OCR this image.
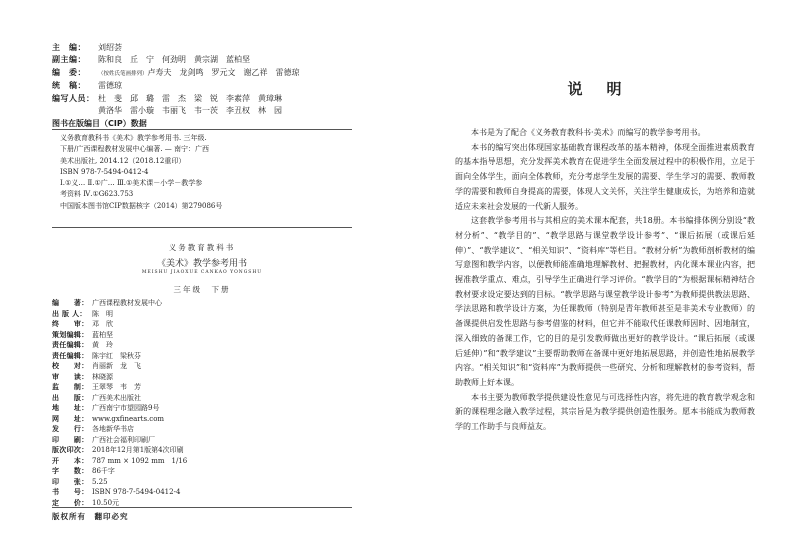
主　编 ：	刘绍荟
副主编 ：	陈和良　丘　宁　何劲明　黄宗湖　蓝柏坚
编　委 ：	（按姓氏笔画排列）卢寿夫　龙剑鸣　罗元文　谢乙祥　雷德琼
统　稿 ：	雷德琼
编写人员 ：	杜　斐　邱　璐　雷　杰　梁　锐　李素萍　黄璋琳
黄洛华　雷小璇　韦丽飞　韦一茨　李丑权　林　园
图书在版编目（CIP）数据
义务教育教科书《美术》教学参考用书. 三年级.
下册/广西课程教材发展中心编著. — 南宁：广西
美术出版社, 2014.12（2018.12重印）
ISBN 978-7-5494-0412-4
Ⅰ.①义… Ⅱ.①广… Ⅲ.①美术课－小学－教学参
考资料 Ⅳ.①G623.753
中国版本图书馆CIP数据核字（2014）第279086号
义务教育教科书
《美术》教学参考用书
MEISHU JIAOXUE CANKAO YONGSHU
三年级　下册
编　　著 ：	广西课程教材发展中心
出 版 人 ：	陈　明
终　　审 ：	邓　欣
策划编辑 ：	蓝柏坚
责任编辑 ：	黄　玲
责任编辑 ：	陈宇红　梁秋芬
校　　对 ：	肖丽新　龙　飞
审　　读 ：	林晓源
监　　制 ：	王翠琴　韦　芳
出　　版 ：	广西美术出版社
地　　址 ：	广西南宁市望园路9号
网　　址 ：	www.gxfinearts.com
发　　行 ：	各地新华书店
印　　刷 ：	广西社会福利印刷厂
版次印次 ：	2018年12月第1版第4次印刷
开　　本 ：	787 mm × 1092 mm　1/16
字　　数 ：	86千字
印　　张 ：	5.25
书　　号 ：	ISBN 978-7-5494-0412-4
定　　价 ：	10.50元
版权所有　翻印必究
说 明

本书是为了配合《义务教育教科书·美术》而编写的教学参考用书。

本书的编写突出体现国家基础教育课程改革的基本精神，体现全面推进素质教育的基本指导思想，充分发挥美术教育在促进学生全面发展过程中的积极作用，立足于面向全体学生，面向全体教师，充分考虑学生发展的需要、学生学习的需要、教师教学的需要和教师自身提高的需要，体现人文关怀，关注学生健康成长，为培养和造就适应未来社会发展的一代新人服务。

这套教学参考用书与其相应的美术课本配套，共18册。本书编排体例分别设“教材分析”、“教学目的”、“教学思路与课堂教学设计参考”、“课后拓展（或课后延伸）”、“教学建议”、“相关知识”、“资料库”等栏目。“教材分析”为教师剖析教材的编写意图和教学内容，以便教师能准确地理解教材、把握教材，内化课本课业内容，把握准教学重点、难点，引导学生正确进行学习评价。“教学目的”为根据课标精神结合教材要求设定要达到的目标。“教学思路与课堂教学设计参考”为教师提供教法思路、学法思路和教学设计方案，为任课教师（特别是青年教师甚至是非美术专业教师）的备课提供启发性思路与参考借鉴的材料，但它并不能取代任课教师因时、因地制宜，深入细致的备课工作，它的目的是引发教师做出更好的教学设计。“课后拓展（或课后延伸）”和“教学建议”主要帮助教师在备课中更好地拓展思路，并创造性地拓展教学内容。“相关知识”和“资料库”为教师提供一些研究、分析和理解教材的参考资料，帮助教师上好本课。

本书主要为教师教学提供建设性意见与可选择性内容，将先进的教育教学观念和新的课程理念融入教学过程，其宗旨是为教学提供创造性服务。愿本书能成为教师教学的工作助手与良师益友。
